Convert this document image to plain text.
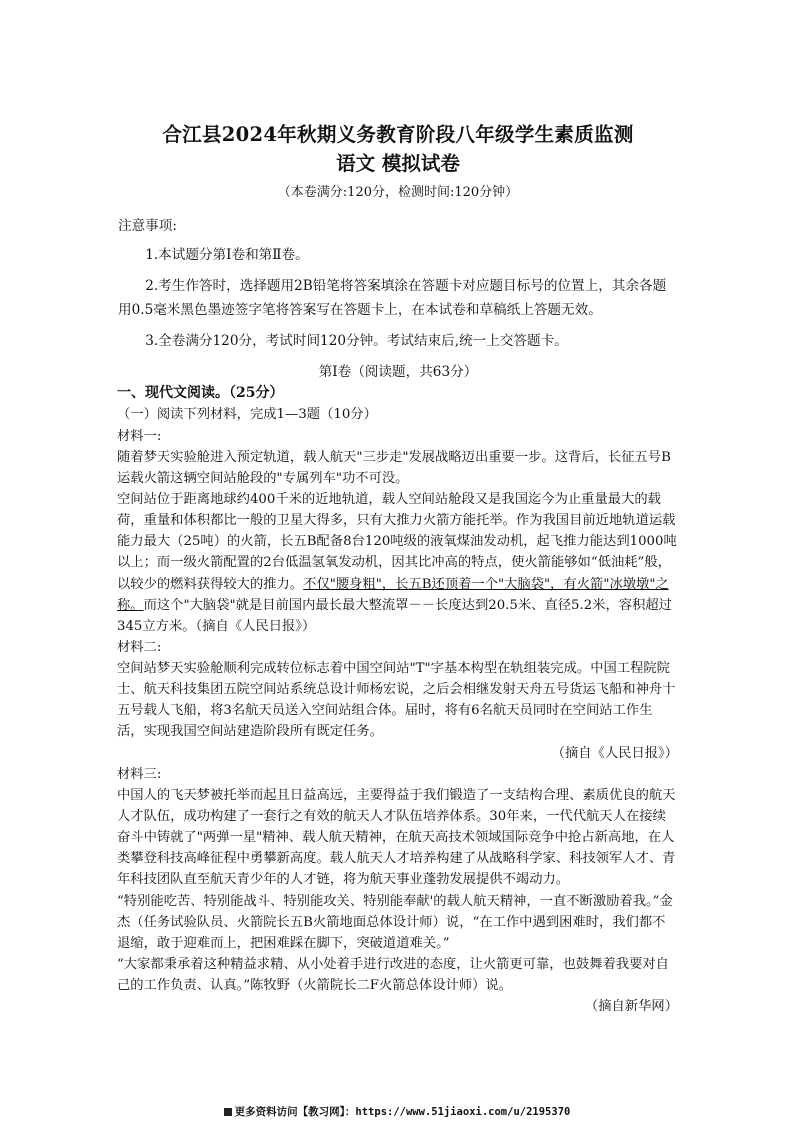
合江县2024年秋期义务教育阶段八年级学生素质监测
语文 模拟试卷
（本卷满分:120分，检测时间:120分钟）
注意事项:

1.本试题分第Ⅰ卷和第Ⅱ卷。

2.考生作答时，选择题用2B铅笔将答案填涂在答题卡对应题目标号的位置上，其余各题用0.5毫米黑色墨迹签字笔将答案写在答题卡上，在本试卷和草稿纸上答题无效。

3.全卷满分120分，考试时间120分钟。考试结束后,统一上交答题卡。

第Ⅰ卷（阅读题，共63分）
一、现代文阅读。（25分）
（一）阅读下列材料，完成1—3题（10分）
材料一:

随着梦天实验舱进入预定轨道，载人航天"三步走"发展战略迈出重要一步。这背后，长征五号B运载火箭这辆空间站舱段的"专属列车"功不可没。

空间站位于距离地球约400千米的近地轨道，载人空间站舱段又是我国迄今为止重量最大的载荷，重量和体积都比一般的卫星大得多，只有大推力火箭方能托举。作为我国目前近地轨道运载能力最大（25吨）的火箭，长五B配备8台120吨级的液氧煤油发动机，起飞推力能达到1000吨以上；而一级火箭配置的2台低温氢氧发动机，因其比冲高的特点，使火箭能够如“低油耗”般，以较少的燃料获得较大的推力。不仅"腰身粗"，长五B还顶着一个"大脑袋"，有火箭"冰墩墩"之称。而这个"大脑袋"就是目前国内最长最大整流罩－－长度达到20.5米、直径5.2米，容积超过345立方米。（摘自《人民日报》）

材料二:

空间站梦天实验舱顺利完成转位标志着中国空间站"T"字基本构型在轨组装完成。中国工程院院士、航天科技集团五院空间站系统总设计师杨宏说，之后会相继发射天舟五号货运飞船和神舟十五号载人飞船，将3名航天员送入空间站组合体。届时，将有6名航天员同时在空间站工作生活，实现我国空间站建造阶段所有既定任务。

（摘自《人民日报》）
材料三:

中国人的飞天梦被托举而起且日益高远，主要得益于我们锻造了一支结构合理、素质优良的航天人才队伍，成功构建了一套行之有效的航天人才队伍培养体系。30年来，一代代航天人在接续奋斗中铸就了"两弹一星"精神、载人航天精神，在航天高技术领域国际竞争中抢占新高地，在人类攀登科技高峰征程中勇攀新高度。载人航天人才培养构建了从战略科学家、科技领军人才、青年科技团队直至航天青少年的人才链，将为航天事业蓬勃发展提供不竭动力。

“特别能吃苦、特别能战斗、特别能攻关、特别能奉献'的载人航天精神，一直不断激励着我。”金杰（任务试验队员、火箭院长五B火箭地面总体设计师）说，“在工作中遇到困难时，我们都不退缩，敢于迎难而上，把困难踩在脚下，突破道道难关。”

“大家都秉承着这种精益求精、从小处着手进行改进的态度，让火箭更可靠，也鼓舞着我要对自己的工作负责、认真。”陈牧野（火箭院长二F火箭总体设计师）说。

（摘自新华网）
更多资料访问【教习网】：https://www.51jiaoxi.com/u/2195370
